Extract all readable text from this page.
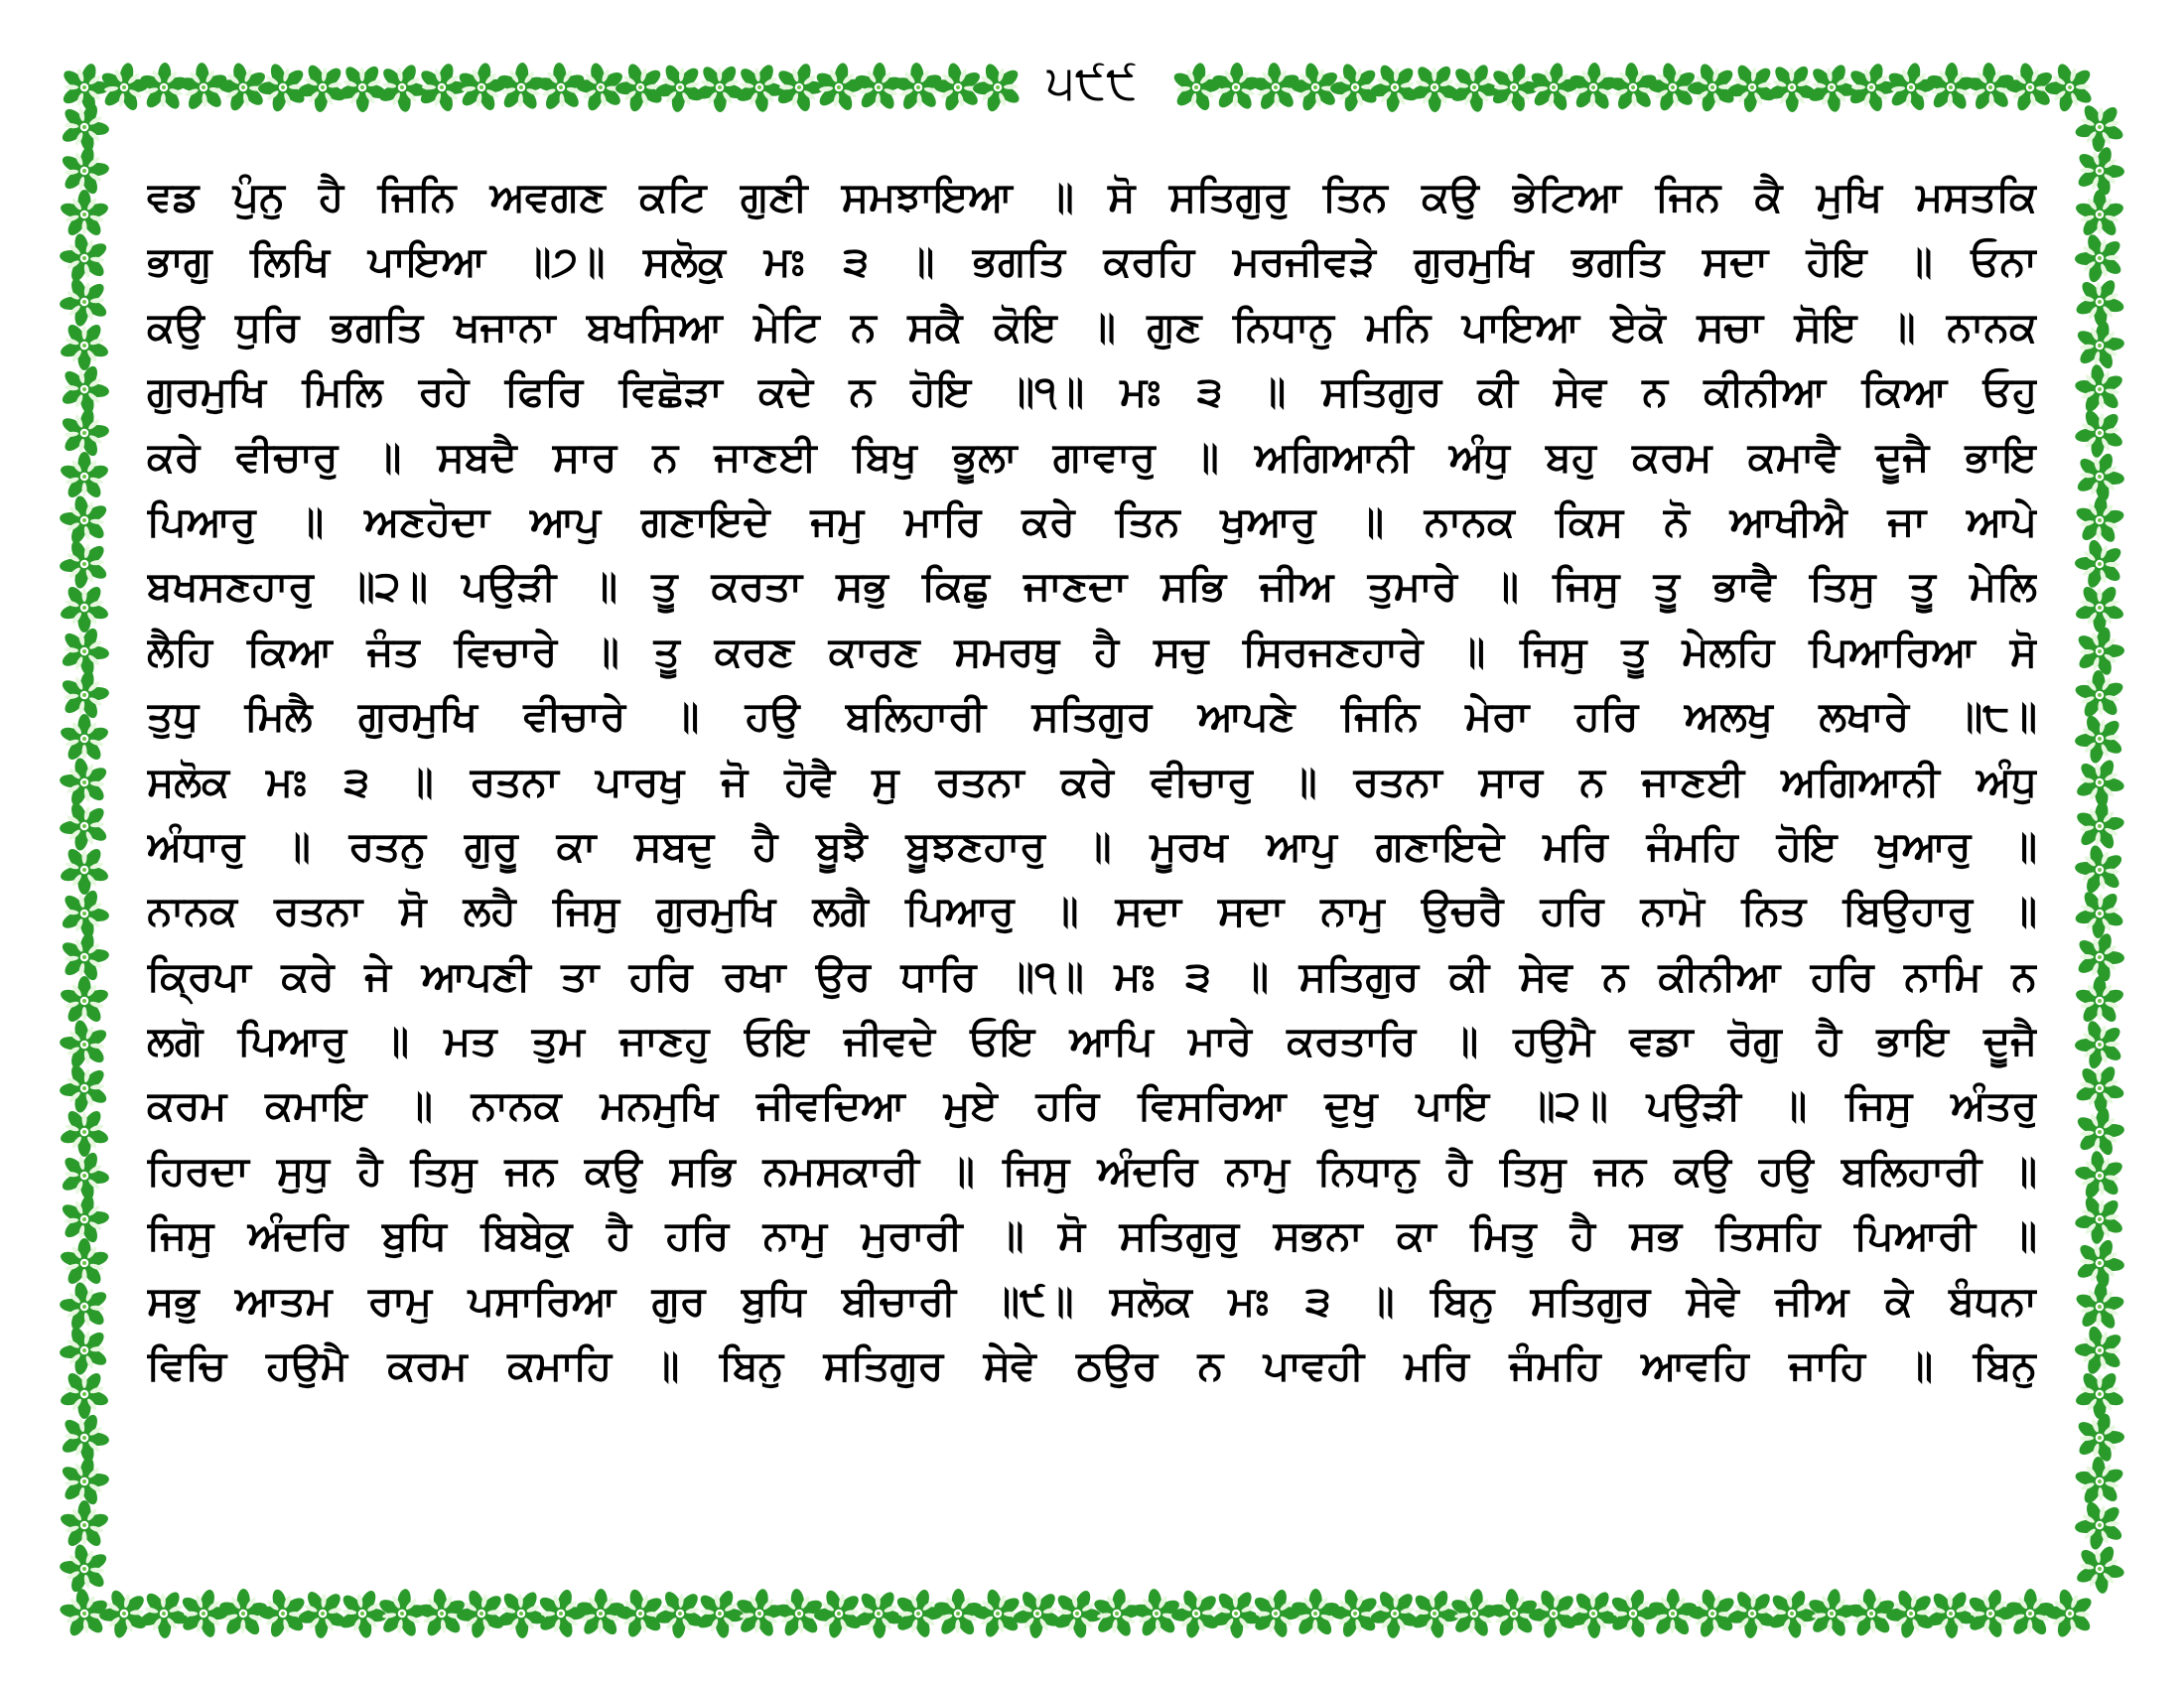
੫੯੯
ਵਡ ਪੁੰਨੁ ਹੈ ਜਿਨਿ ਅਵਗਣ ਕਟਿ ਗੁਣੀ ਸਮਝਾਇਆ ॥ ਸੋ ਸਤਿਗੁਰੁ ਤਿਨ ਕਉ ਭੇਟਿਆ ਜਿਨ ਕੈ ਮੁਖਿ ਮਸਤਕਿ
ਭਾਗੁ ਲਿਖਿ ਪਾਇਆ ॥੭॥ ਸਲੋਕੁ ਮਃ ੩ ॥ ਭਗਤਿ ਕਰਹਿ ਮਰਜੀਵੜੇ ਗੁਰਮੁਖਿ ਭਗਤਿ ਸਦਾ ਹੋਇ ॥ ਓਨਾ
ਕਉ ਧੁਰਿ ਭਗਤਿ ਖਜਾਨਾ ਬਖਸਿਆ ਮੇਟਿ ਨ ਸਕੈ ਕੋਇ ॥ ਗੁਣ ਨਿਧਾਨੁ ਮਨਿ ਪਾਇਆ ਏਕੋ ਸਚਾ ਸੋਇ ॥ ਨਾਨਕ
ਗੁਰਮੁਖਿ ਮਿਲਿ ਰਹੇ ਫਿਰਿ ਵਿਛੋੜਾ ਕਦੇ ਨ ਹੋਇ ॥੧॥ ਮਃ ੩ ॥ ਸਤਿਗੁਰ ਕੀ ਸੇਵ ਨ ਕੀਨੀਆ ਕਿਆ ਓਹੁ
ਕਰੇ ਵੀਚਾਰੁ ॥ ਸਬਦੈ ਸਾਰ ਨ ਜਾਣਈ ਬਿਖੁ ਭੂਲਾ ਗਾਵਾਰੁ ॥ ਅਗਿਆਨੀ ਅੰਧੁ ਬਹੁ ਕਰਮ ਕਮਾਵੈ ਦੂਜੈ ਭਾਇ
ਪਿਆਰੁ ॥ ਅਣਹੋਦਾ ਆਪੁ ਗਣਾਇਦੇ ਜਮੁ ਮਾਰਿ ਕਰੇ ਤਿਨ ਖੁਆਰੁ ॥ ਨਾਨਕ ਕਿਸ ਨੋ ਆਖੀਐ ਜਾ ਆਪੇ
ਬਖਸਣਹਾਰੁ ॥੨॥ ਪਉੜੀ ॥ ਤੂ ਕਰਤਾ ਸਭੁ ਕਿਛੁ ਜਾਣਦਾ ਸਭਿ ਜੀਅ ਤੁਮਾਰੇ ॥ ਜਿਸੁ ਤੂ ਭਾਵੈ ਤਿਸੁ ਤੂ ਮੇਲਿ
ਲੈਹਿ ਕਿਆ ਜੰਤ ਵਿਚਾਰੇ ॥ ਤੂ ਕਰਣ ਕਾਰਣ ਸਮਰਥੁ ਹੈ ਸਚੁ ਸਿਰਜਣਹਾਰੇ ॥ ਜਿਸੁ ਤੂ ਮੇਲਹਿ ਪਿਆਰਿਆ ਸੋ
ਤੁਧੁ ਮਿਲੈ ਗੁਰਮੁਖਿ ਵੀਚਾਰੇ ॥ ਹਉ ਬਲਿਹਾਰੀ ਸਤਿਗੁਰ ਆਪਣੇ ਜਿਨਿ ਮੇਰਾ ਹਰਿ ਅਲਖੁ ਲਖਾਰੇ ॥੮॥
ਸਲੋਕ ਮਃ ੩ ॥ ਰਤਨਾ ਪਾਰਖੁ ਜੋ ਹੋਵੈ ਸੁ ਰਤਨਾ ਕਰੇ ਵੀਚਾਰੁ ॥ ਰਤਨਾ ਸਾਰ ਨ ਜਾਣਈ ਅਗਿਆਨੀ ਅੰਧੁ
ਅੰਧਾਰੁ ॥ ਰਤਨੁ ਗੁਰੂ ਕਾ ਸਬਦੁ ਹੈ ਬੂਝੈ ਬੂਝਣਹਾਰੁ ॥ ਮੂਰਖ ਆਪੁ ਗਣਾਇਦੇ ਮਰਿ ਜੰਮਹਿ ਹੋਇ ਖੁਆਰੁ ॥
ਨਾਨਕ ਰਤਨਾ ਸੋ ਲਹੈ ਜਿਸੁ ਗੁਰਮੁਖਿ ਲਗੈ ਪਿਆਰੁ ॥ ਸਦਾ ਸਦਾ ਨਾਮੁ ਉਚਰੈ ਹਰਿ ਨਾਮੋ ਨਿਤ ਬਿਉਹਾਰੁ ॥
ਕ੍ਰਿਪਾ ਕਰੇ ਜੇ ਆਪਣੀ ਤਾ ਹਰਿ ਰਖਾ ਉਰ ਧਾਰਿ ॥੧॥ ਮਃ ੩ ॥ ਸਤਿਗੁਰ ਕੀ ਸੇਵ ਨ ਕੀਨੀਆ ਹਰਿ ਨਾਮਿ ਨ
ਲਗੋ ਪਿਆਰੁ ॥ ਮਤ ਤੁਮ ਜਾਣਹੁ ਓਇ ਜੀਵਦੇ ਓਇ ਆਪਿ ਮਾਰੇ ਕਰਤਾਰਿ ॥ ਹਉਮੈ ਵਡਾ ਰੋਗੁ ਹੈ ਭਾਇ ਦੂਜੈ
ਕਰਮ ਕਮਾਇ ॥ ਨਾਨਕ ਮਨਮੁਖਿ ਜੀਵਦਿਆ ਮੁਏ ਹਰਿ ਵਿਸਰਿਆ ਦੁਖੁ ਪਾਇ ॥੨॥ ਪਉੜੀ ॥ ਜਿਸੁ ਅੰਤਰੁ
ਹਿਰਦਾ ਸੁਧੁ ਹੈ ਤਿਸੁ ਜਨ ਕਉ ਸਭਿ ਨਮਸਕਾਰੀ ॥ ਜਿਸੁ ਅੰਦਰਿ ਨਾਮੁ ਨਿਧਾਨੁ ਹੈ ਤਿਸੁ ਜਨ ਕਉ ਹਉ ਬਲਿਹਾਰੀ ॥
ਜਿਸੁ ਅੰਦਰਿ ਬੁਧਿ ਬਿਬੇਕੁ ਹੈ ਹਰਿ ਨਾਮੁ ਮੁਰਾਰੀ ॥ ਸੋ ਸਤਿਗੁਰੁ ਸਭਨਾ ਕਾ ਮਿਤੁ ਹੈ ਸਭ ਤਿਸਹਿ ਪਿਆਰੀ ॥
ਸਭੁ ਆਤਮ ਰਾਮੁ ਪਸਾਰਿਆ ਗੁਰ ਬੁਧਿ ਬੀਚਾਰੀ ॥੯॥ ਸਲੋਕ ਮਃ ੩ ॥ ਬਿਨੁ ਸਤਿਗੁਰ ਸੇਵੇ ਜੀਅ ਕੇ ਬੰਧਨਾ
ਵਿਚਿ ਹਉਮੈ ਕਰਮ ਕਮਾਹਿ ॥ ਬਿਨੁ ਸਤਿਗੁਰ ਸੇਵੇ ਠਉਰ ਨ ਪਾਵਹੀ ਮਰਿ ਜੰਮਹਿ ਆਵਹਿ ਜਾਹਿ ॥ ਬਿਨੁ
